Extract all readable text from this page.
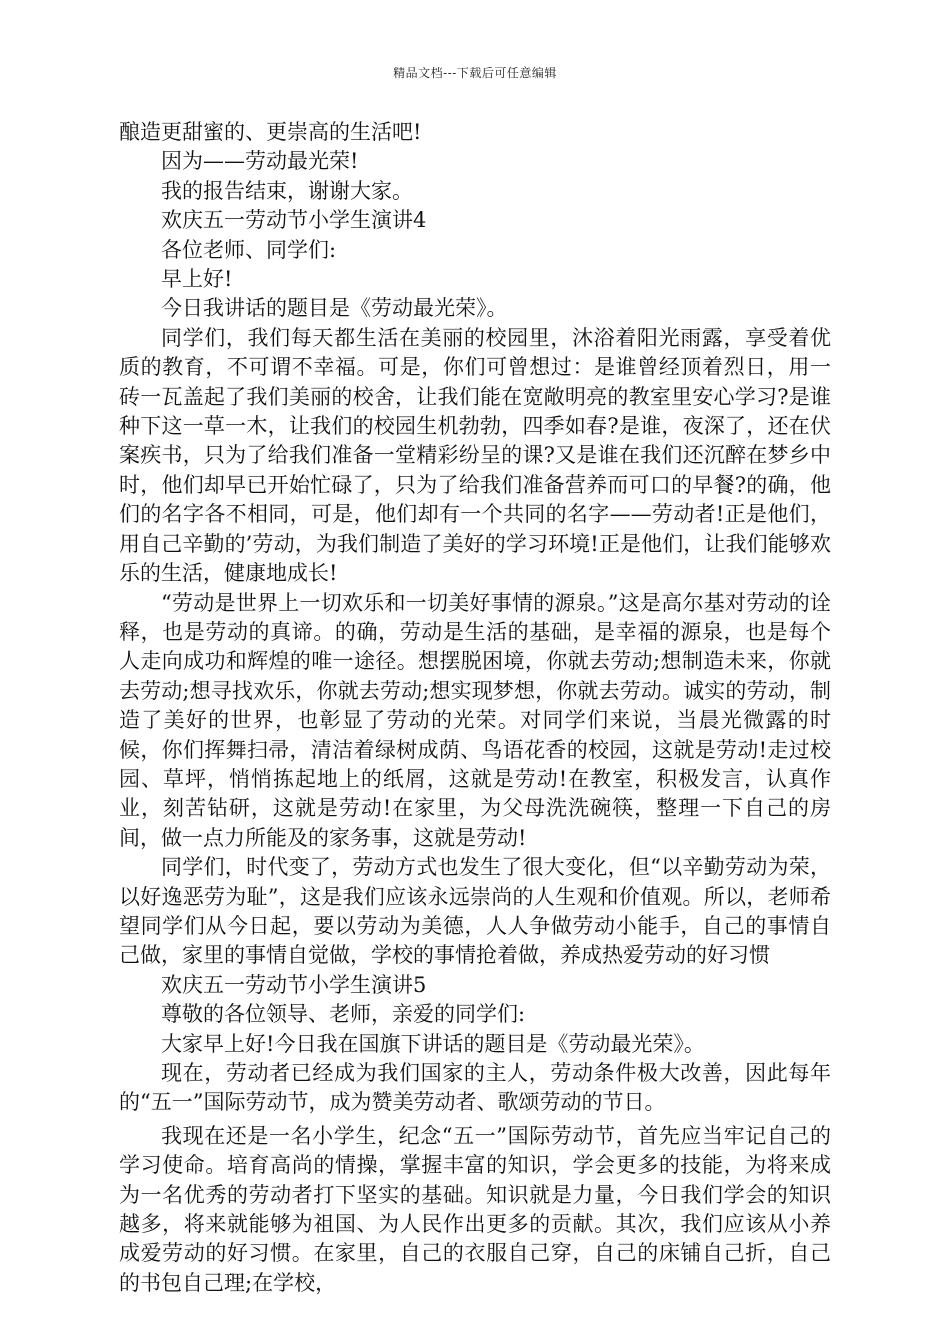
精品文档---下载后可任意编辑

酿造更甜蜜的、更崇高的生活吧!

因为——劳动最光荣!

我的报告结束，谢谢大家。

欢庆五一劳动节小学生演讲4

各位老师、同学们:

早上好!

今日我讲话的题目是《劳动最光荣》。

同学们，我们每天都生活在美丽的校园里，沐浴着阳光雨露，享受着优质的教育，不可谓不幸福。可是，你们可曾想过：是谁曾经顶着烈日，用一砖一瓦盖起了我们美丽的校舍，让我们能在宽敞明亮的教室里安心学习?是谁种下这一草一木，让我们的校园生机勃勃，四季如春?是谁，夜深了，还在伏案疾书，只为了给我们准备一堂精彩纷呈的课?又是谁在我们还沉醉在梦乡中时，他们却早已开始忙碌了，只为了给我们准备营养而可口的早餐?的确，他们的名字各不相同，可是，他们却有一个共同的名字——劳动者!正是他们，用自己辛勤的’劳动，为我们制造了美好的学习环境!正是他们，让我们能够欢乐的生活，健康地成长!

“劳动是世界上一切欢乐和一切美好事情的源泉。”这是高尔基对劳动的诠释，也是劳动的真谛。的确，劳动是生活的基础，是幸福的源泉，也是每个人走向成功和辉煌的唯一途径。想摆脱困境，你就去劳动;想制造未来，你就去劳动;想寻找欢乐，你就去劳动;想实现梦想，你就去劳动。诚实的劳动，制造了美好的世界，也彰显了劳动的光荣。对同学们来说，当晨光微露的时候，你们挥舞扫帚，清洁着绿树成荫、鸟语花香的校园，这就是劳动!走过校园、草坪，悄悄拣起地上的纸屑，这就是劳动!在教室，积极发言，认真作业，刻苦钻研，这就是劳动!在家里，为父母洗洗碗筷，整理一下自己的房间，做一点力所能及的家务事，这就是劳动!

同学们，时代变了，劳动方式也发生了很大变化，但“以辛勤劳动为荣，以好逸恶劳为耻”，这是我们应该永远崇尚的人生观和价值观。所以，老师希望同学们从今日起，要以劳动为美德，人人争做劳动小能手，自己的事情自己做，家里的事情自觉做，学校的事情抢着做，养成热爱劳动的好习惯

欢庆五一劳动节小学生演讲5

尊敬的各位领导、老师，亲爱的同学们:

大家早上好!今日我在国旗下讲话的题目是《劳动最光荣》。

现在，劳动者已经成为我们国家的主人，劳动条件极大改善，因此每年的“五一”国际劳动节，成为赞美劳动者、歌颂劳动的节日。

我现在还是一名小学生，纪念“五一”国际劳动节，首先应当牢记自己的学习使命。培育高尚的情操，掌握丰富的知识，学会更多的技能，为将来成为一名优秀的劳动者打下坚实的基础。知识就是力量，今日我们学会的知识越多，将来就能够为祖国、为人民作出更多的贡献。其次，我们应该从小养成爱劳动的好习惯。在家里，自己的衣服自己穿，自己的床铺自己折，自己的书包自己理;在学校，
